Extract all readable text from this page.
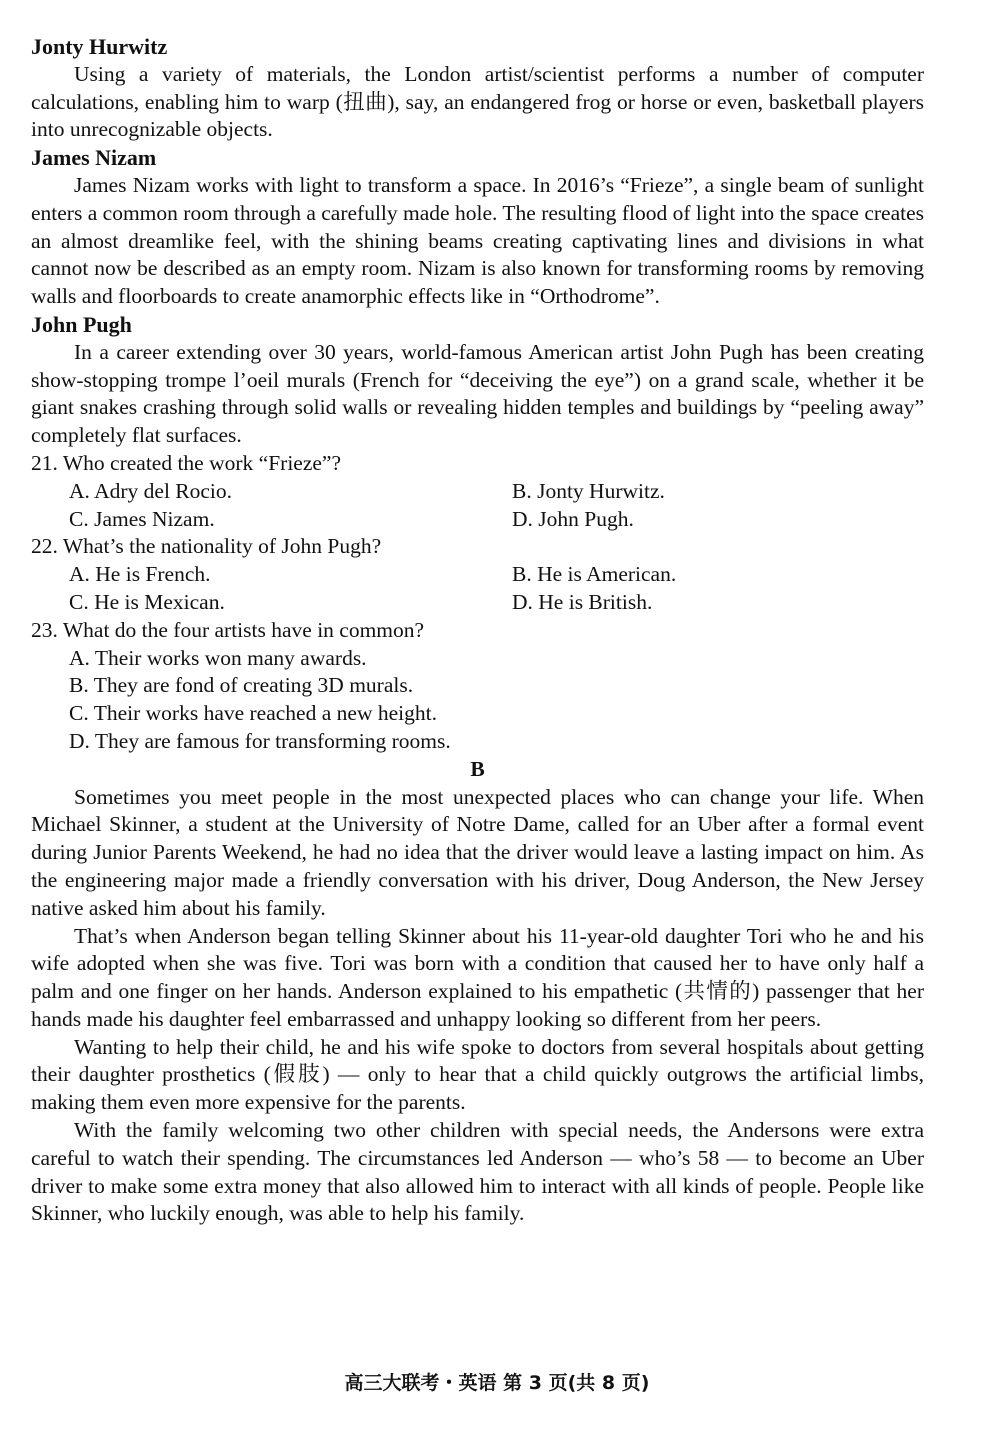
Jonty Hurwitz
Using a variety of materials, the London artist/scientist performs a number of computer calculations, enabling him to warp (扭曲), say, an endangered frog or horse or even, basketball players into unrecognizable objects.
James Nizam
James Nizam works with light to transform a space. In 2016’s “Frieze”, a single beam of sunlight enters a common room through a carefully made hole. The resulting flood of light into the space creates an almost dreamlike feel, with the shining beams creating captivating lines and divisions in what cannot now be described as an empty room. Nizam is also known for transforming rooms by removing walls and floorboards to create anamorphic effects like in “Orthodrome”.
John Pugh
In a career extending over 30 years, world-famous American artist John Pugh has been creating show-stopping trompe l’oeil murals (French for “deceiving the eye”) on a grand scale, whether it be giant snakes crashing through solid walls or revealing hidden temples and buildings by “peeling away” completely flat surfaces.
21. Who created the work “Frieze”?
A. Adry del Rocio.	B. Jonty Hurwitz.
C. James Nizam.	D. John Pugh.
22. What’s the nationality of John Pugh?
A. He is French.	B. He is American.
C. He is Mexican.	D. He is British.
23. What do the four artists have in common?
A. Their works won many awards.
B. They are fond of creating 3D murals.
C. Their works have reached a new height.
D. They are famous for transforming rooms.
B
Sometimes you meet people in the most unexpected places who can change your life. When Michael Skinner, a student at the University of Notre Dame, called for an Uber after a formal event during Junior Parents Weekend, he had no idea that the driver would leave a lasting impact on him. As the engineering major made a friendly conversation with his driver, Doug Anderson, the New Jersey native asked him about his family.
That’s when Anderson began telling Skinner about his 11-year-old daughter Tori who he and his wife adopted when she was five. Tori was born with a condition that caused her to have only half a palm and one finger on her hands. Anderson explained to his empathetic (共情的) passenger that her hands made his daughter feel embarrassed and unhappy looking so different from her peers.
Wanting to help their child, he and his wife spoke to doctors from several hospitals about getting their daughter prosthetics (假肢) — only to hear that a child quickly outgrows the artificial limbs, making them even more expensive for the parents.
With the family welcoming two other children with special needs, the Andersons were extra careful to watch their spending. The circumstances led Anderson — who’s 58 — to become an Uber driver to make some extra money that also allowed him to interact with all kinds of people. People like Skinner, who luckily enough, was able to help his family.
高三大联考・英语 第 3 页(共 8 页)
